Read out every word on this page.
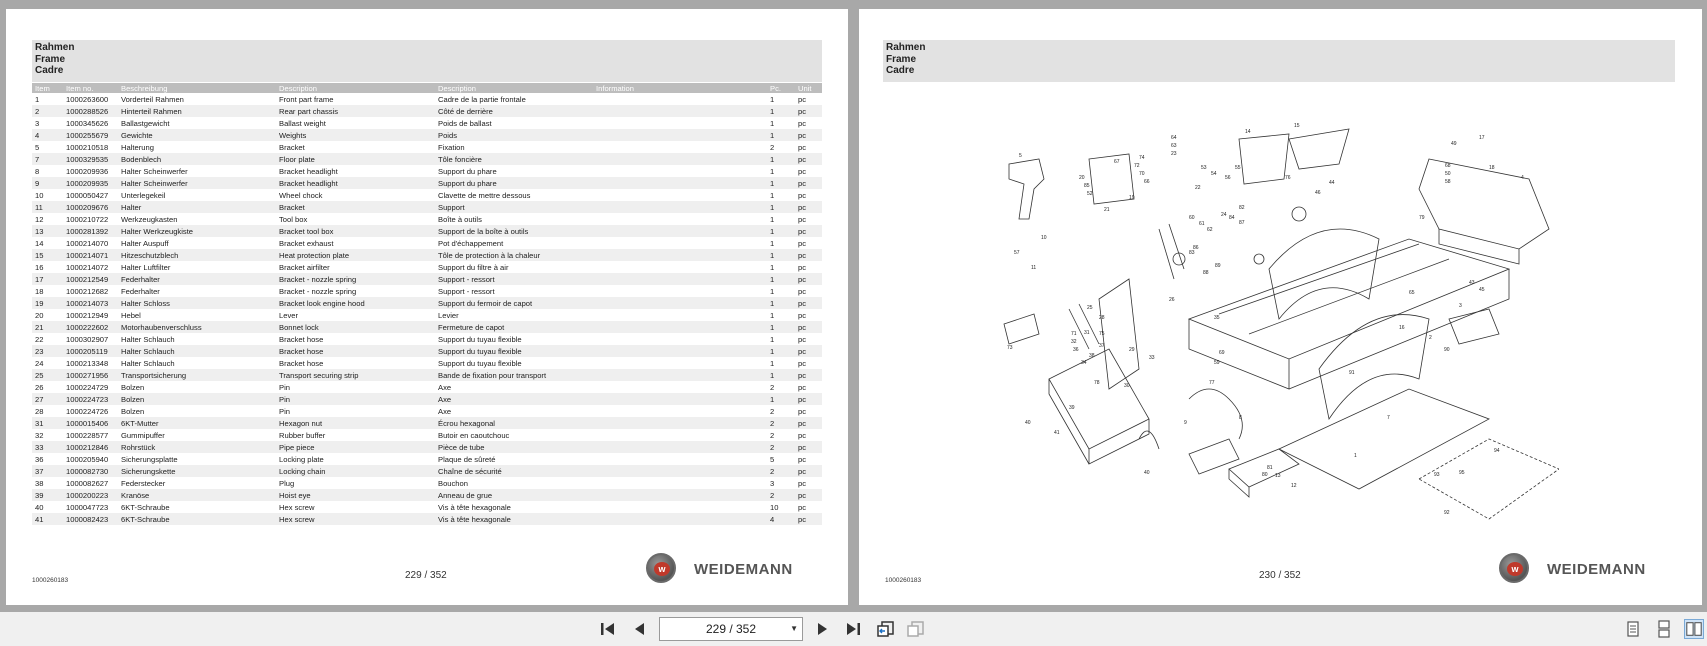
Rahmen
Frame
Cadre
Item	Item no.	Beschreibung	Description	Description	Information	Pc.	Unit
1	1000263600	Vorderteil Rahmen	Front part frame	Cadre de la partie frontale		1	pc
2	1000288526	Hinterteil Rahmen	Rear part chassis	Côté de derrière		1	pc
3	1000345626	Ballastgewicht	Ballast weight	Poids de ballast		1	pc
4	1000255679	Gewichte	Weights	Poids		1	pc
5	1000210518	Halterung	Bracket	Fixation		2	pc
7	1000329535	Bodenblech	Floor plate	Tôle foncière		1	pc
8	1000209936	Halter Scheinwerfer	Bracket headlight	Support du phare		1	pc
9	1000209935	Halter Scheinwerfer	Bracket headlight	Support du phare		1	pc
10	1000050427	Unterlegekeil	Wheel chock	Clavette de mettre dessous		1	pc
11	1000209676	Halter	Bracket	Support		1	pc
12	1000210722	Werkzeugkasten	Tool box	Boîte à outils		1	pc
13	1000281392	Halter Werkzeugkiste	Bracket tool box	Support de la boîte à outils		1	pc
14	1000214070	Halter Auspuff	Bracket exhaust	Pot d'échappement		1	pc
15	1000214071	Hitzeschutzblech	Heat protection plate	Tôle de protection à la chaleur		1	pc
16	1000214072	Halter Luftfilter	Bracket airfilter	Support du filtre à air		1	pc
17	1000212549	Federhalter	Bracket - nozzle spring	Support - ressort		1	pc
18	1000212682	Federhalter	Bracket - nozzle spring	Support - ressort		1	pc
19	1000214073	Halter Schloss	Bracket look engine hood	Support du fermoir de capot		1	pc
20	1000212949	Hebel	Lever	Levier		1	pc
21	1000222602	Motorhaubenverschluss	Bonnet lock	Fermeture de capot		1	pc
22	1000302907	Halter Schlauch	Bracket hose	Support du tuyau flexible		1	pc
23	1000205119	Halter Schlauch	Bracket hose	Support du tuyau flexible		1	pc
24	1000213348	Halter Schlauch	Bracket hose	Support du tuyau flexible		1	pc
25	1000271956	Transportsicherung	Transport securing strip	Bande de fixation pour transport		1	pc
26	1000224729	Bolzen	Pin	Axe		2	pc
27	1000224723	Bolzen	Pin	Axe		1	pc
28	1000224726	Bolzen	Pin	Axe		2	pc
31	1000015406	6KT-Mutter	Hexagon nut	Écrou hexagonal		2	pc
32	1000228577	Gummipuffer	Rubber buffer	Butoir en caoutchouc		2	pc
33	1000212846	Rohrstück	Pipe piece	Pièce de tube		2	pc
36	1000205940	Sicherungsplatte	Locking plate	Plaque de sûreté		5	pc
37	1000082730	Sicherungskette	Locking chain	Chaîne de sécurité		2	pc
38	1000082627	Federstecker	Plug	Bouchon		3	pc
39	1000200223	Kranöse	Hoist eye	Anneau de grue		2	pc
40	1000047723	6KT-Schraube	Hex screw	Vis à tête hexagonale		10	pc
41	1000082423	6KT-Schraube	Hex screw	Vis à tête hexagonale		4	pc
1000260183	229 / 352
w	WEIDEMANN
Rahmen
Frame
Cadre
15
14
49
17
18
4
74
72
70
66
67
20
85
52
64
63
23
10
11
57
2
43
45
3
16
13
12
1
7
8
9
5
19
21
22
24
25
26
28
29
30
31
32
33
34
35
36
37
38
39
40
41
44
46
53
54
55
56
59
60
61
62
65
69
71
73
75
76
77
78
79
80
81
82
83
84
86
87
88
89
90
91
92
93
94
95
68
50
58
40
1000260183	230 / 352
w	WEIDEMANN
229 / 352	▼
